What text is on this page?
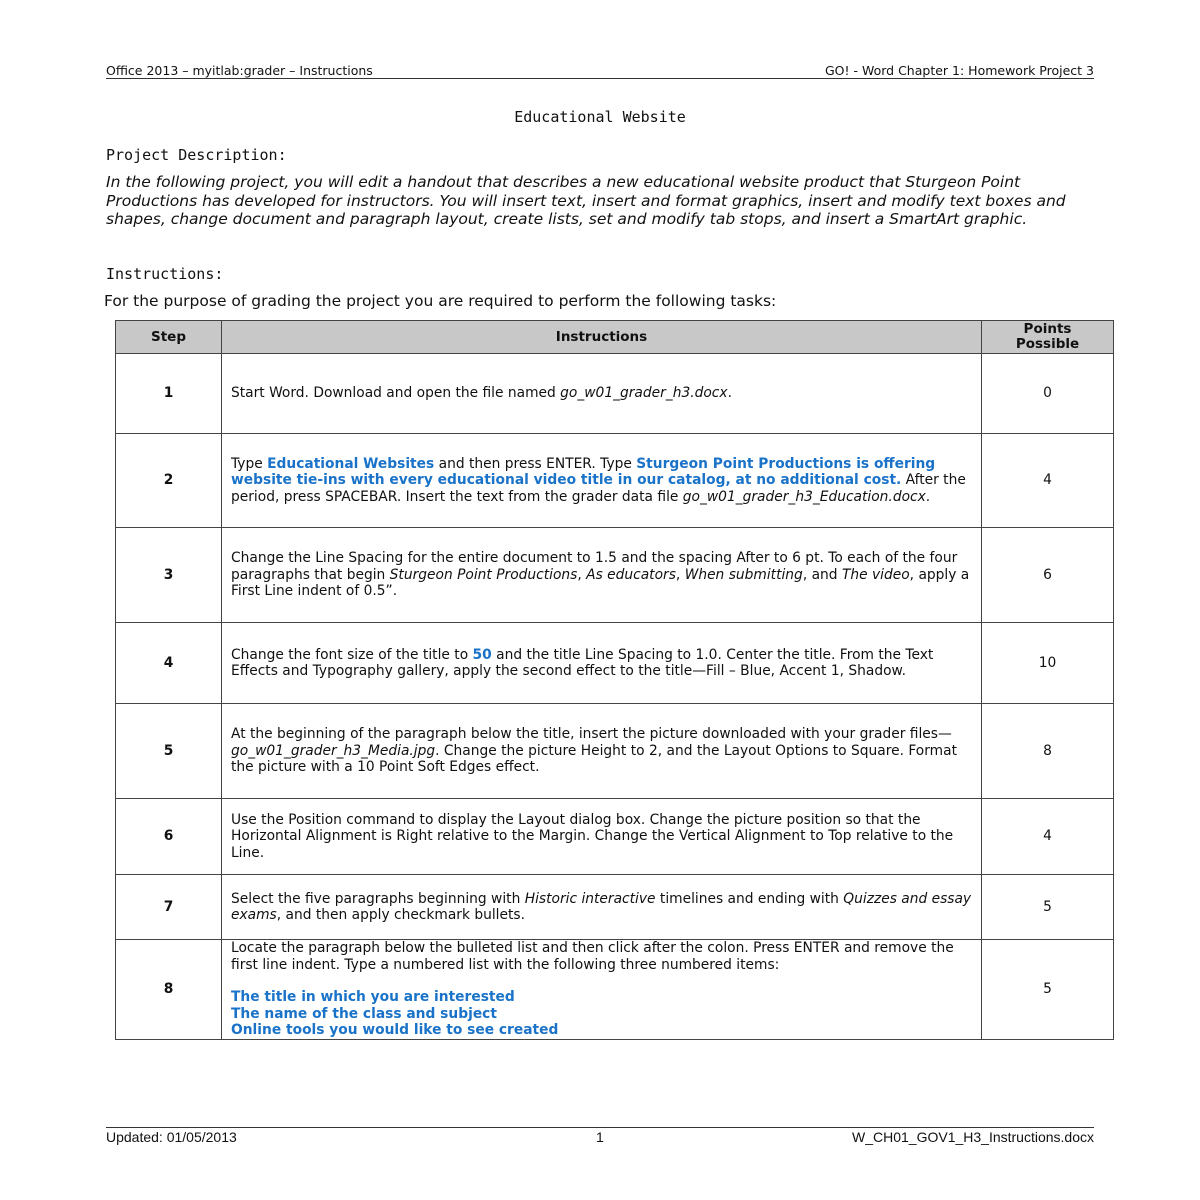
Office 2013 – myitlab:grader – Instructions	GO! - Word Chapter 1: Homework Project 3
Educational Website
Project Description:
In the following project, you will edit a handout that describes a new educational website product that Sturgeon Point Productions has developed for instructors. You will insert text, insert and format graphics, insert and modify text boxes and shapes, change document and paragraph layout, create lists, set and modify tab stops, and insert a SmartArt graphic.
Instructions:
For the purpose of grading the project you are required to perform the following tasks:
Step	Instructions	Points Possible
1	Start Word. Download and open the file named go_w01_grader_h3.docx.	0
2	Type Educational Websites and then press ENTER. Type Sturgeon Point Productions is offering website tie-ins with every educational video title in our catalog, at no additional cost. After the period, press SPACEBAR. Insert the text from the grader data file go_w01_grader_h3_Education.docx.	4
3	Change the Line Spacing for the entire document to 1.5 and the spacing After to 6 pt. To each of the four paragraphs that begin Sturgeon Point Productions, As educators, When submitting, and The video, apply a First Line indent of 0.5”.	6
4	Change the font size of the title to 50 and the title Line Spacing to 1.0. Center the title. From the Text Effects and Typography gallery, apply the second effect to the title—Fill – Blue, Accent 1, Shadow.	10
5	At the beginning of the paragraph below the title, insert the picture downloaded with your grader files—go_w01_grader_h3_Media.jpg. Change the picture Height to 2, and the Layout Options to Square. Format the picture with a 10 Point Soft Edges effect.	8
6	Use the Position command to display the Layout dialog box. Change the picture position so that the Horizontal Alignment is Right relative to the Margin. Change the Vertical Alignment to Top relative to the Line.	4
7	Select the five paragraphs beginning with Historic interactive timelines and ending with Quizzes and essay exams, and then apply checkmark bullets.	5
8	Locate the paragraph below the bulleted list and then click after the colon. Press ENTER and remove the first line indent. Type a numbered list with the following three numbered items:
The title in which you are interested
The name of the class and subject
Online tools you would like to see created	5
Updated: 01/05/2013	1	W_CH01_GOV1_H3_Instructions.docx
